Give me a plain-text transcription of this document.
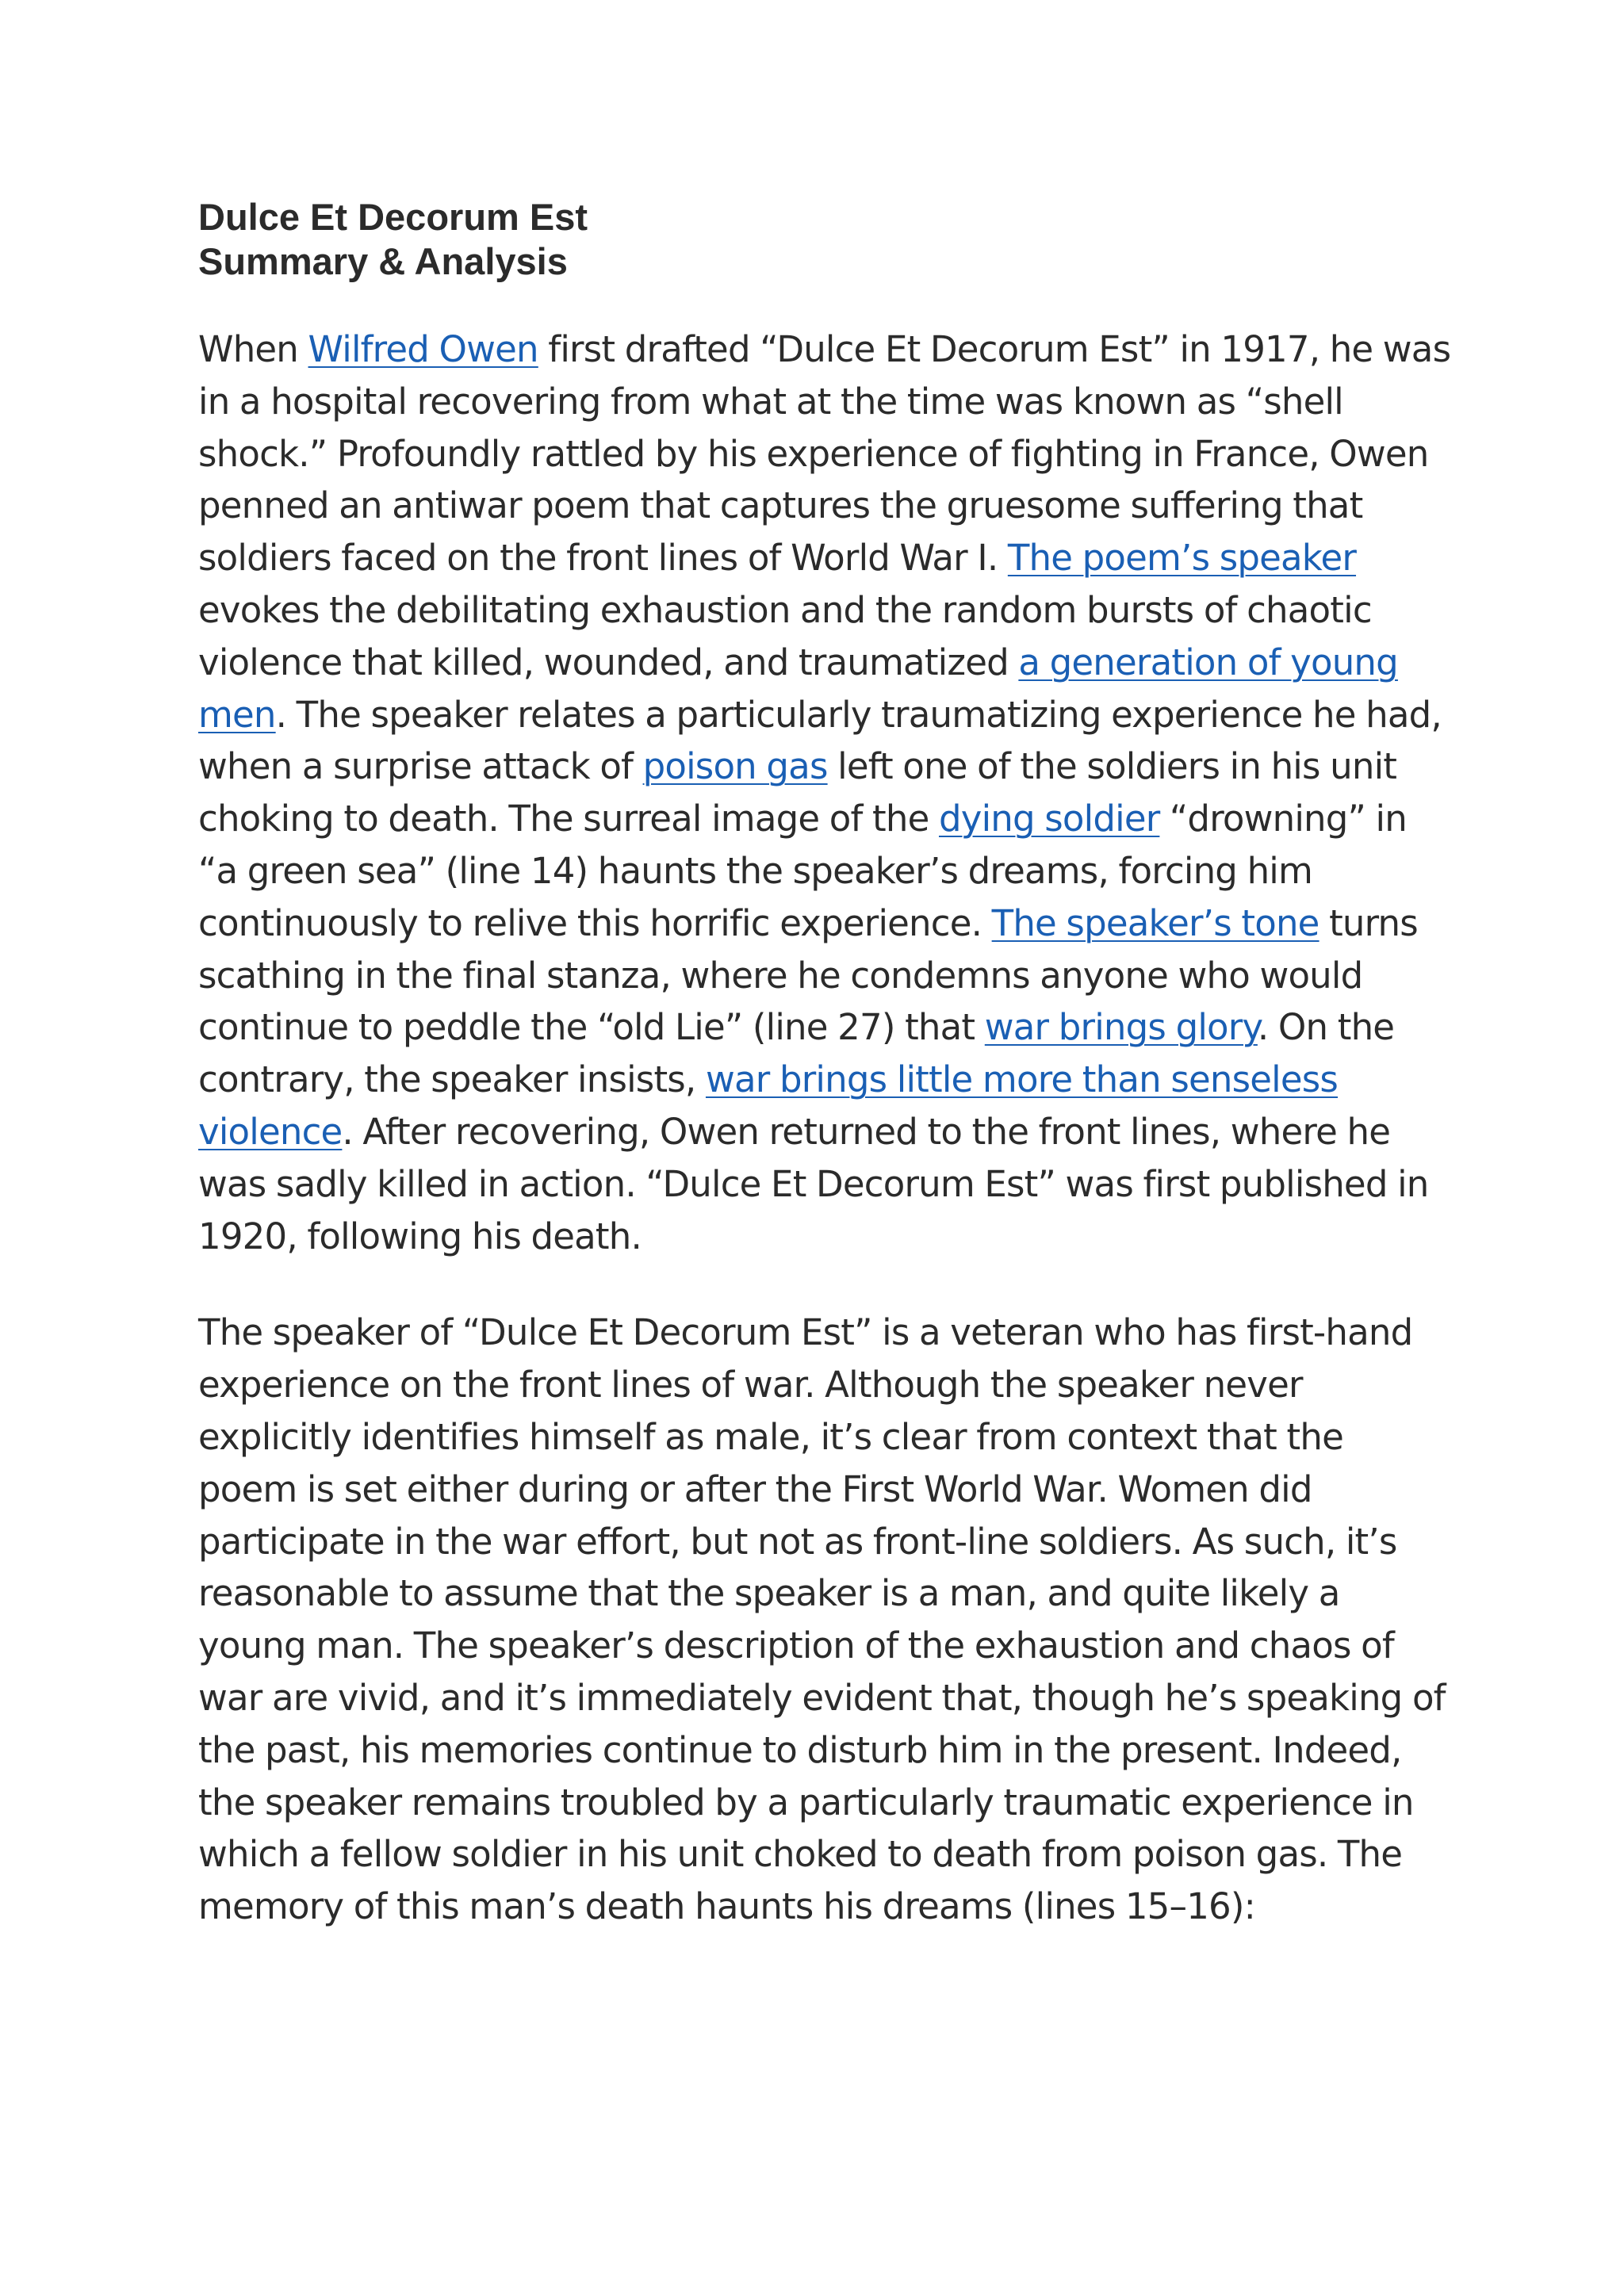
Dulce Et Decorum Est
Summary & Analysis

When Wilfred Owen first drafted “Dulce Et Decorum Est” in 1917, he was in a hospital recovering from what at the time was known as “shell shock.” Profoundly rattled by his experience of fighting in France, Owen penned an antiwar poem that captures the gruesome suffering that soldiers faced on the front lines of World War I. The poem’s speaker evokes the debilitating exhaustion and the random bursts of chaotic violence that killed, wounded, and traumatized a generation of young men. The speaker relates a particularly traumatizing experience he had, when a surprise attack of poison gas left one of the soldiers in his unit choking to death. The surreal image of the dying soldier “drowning” in “a green sea” (line 14) haunts the speaker’s dreams, forcing him continuously to relive this horrific experience. The speaker’s tone turns scathing in the final stanza, where he condemns anyone who would continue to peddle the “old Lie” (line 27) that war brings glory. On the contrary, the speaker insists, war brings little more than senseless violence. After recovering, Owen returned to the front lines, where he was sadly killed in action. “Dulce Et Decorum Est” was first published in 1920, following his death.

The speaker of “Dulce Et Decorum Est” is a veteran who has first-hand experience on the front lines of war. Although the speaker never explicitly identifies himself as male, it’s clear from context that the poem is set either during or after the First World War. Women did participate in the war effort, but not as front-line soldiers. As such, it’s reasonable to assume that the speaker is a man, and quite likely a young man. The speaker’s description of the exhaustion and chaos of war are vivid, and it’s immediately evident that, though he’s speaking of the past, his memories continue to disturb him in the present. Indeed, the speaker remains troubled by a particularly traumatic experience in which a fellow soldier in his unit choked to death from poison gas. The memory of this man’s death haunts his dreams (lines 15–16):
